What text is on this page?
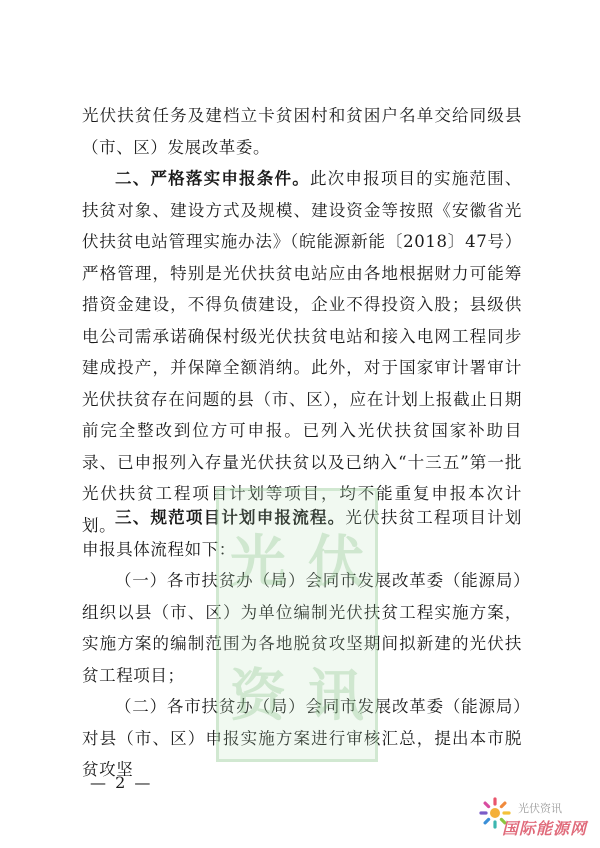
光伏扶贫任务及建档立卡贫困村和贫困户名单交给同级县（市、区）发展改革委。

二、严格落实申报条件。此次申报项目的实施范围、扶贫对象、建设方式及规模、建设资金等按照《安徽省光伏扶贫电站管理实施办法》（皖能源新能〔2018〕47号）严格管理，特别是光伏扶贫电站应由各地根据财力可能筹措资金建设，不得负债建设，企业不得投资入股；县级供电公司需承诺确保村级光伏扶贫电站和接入电网工程同步建成投产，并保障全额消纳。此外，对于国家审计署审计光伏扶贫存在问题的县（市、区），应在计划上报截止日期前完全整改到位方可申报。已列入光伏扶贫国家补助目录、已申报列入存量光伏扶贫以及已纳入“十三五”第一批光伏扶贫工程项目计划等项目，均不能重复申报本次计划。

三、规范项目计划申报流程。光伏扶贫工程项目计划申报具体流程如下：

（一）各市扶贫办（局）会同市发展改革委（能源局）组织以县（市、区）为单位编制光伏扶贫工程实施方案，实施方案的编制范围为各地脱贫攻坚期间拟新建的光伏扶贫工程项目；

（二）各市扶贫办（局）会同市发展改革委（能源局）对县（市、区）申报实施方案进行审核汇总，提出本市脱贫攻坚

光 伏
资 讯
— 2 —
光伏资讯
国际能源网
